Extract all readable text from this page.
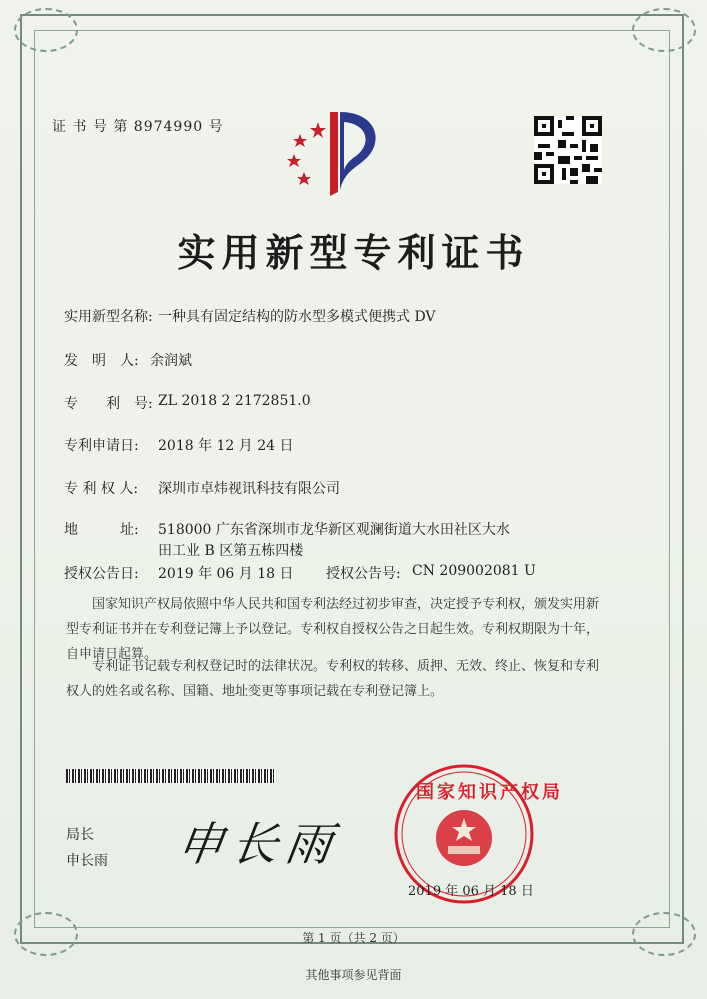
证 书 号 第 8974990 号
实用新型专利证书
实用新型名称: 一种具有固定结构的防水型多模式便携式 DV
发　明　人: 余润斌
专　　利　号: ZL 2018 2 2172851.0
专利申请日: 2018 年 12 月 24 日
专 利 权 人: 深圳市卓炜视讯科技有限公司
地　　　址: 518000 广东省深圳市龙华新区观澜街道大水田社区大水
田工业 B 区第五栋四楼
授权公告日: 2019 年 06 月 18 日 授权公告号: CN 209002081 U
国家知识产权局依照中华人民共和国专利法经过初步审查，决定授予专利权，颁发实用新型专利证书并在专利登记簿上予以登记。专利权自授权公告之日起生效。专利权期限为十年，自申请日起算。
专利证书记载专利权登记时的法律状况。专利权的转移、质押、无效、终止、恢复和专利权人的姓名或名称、国籍、地址变更等事项记载在专利登记簿上。
局长
申长雨 申长雨
国家知识产权局
2019 年 06 月 18 日
第 1 页（共 2 页）
其他事项参见背面
